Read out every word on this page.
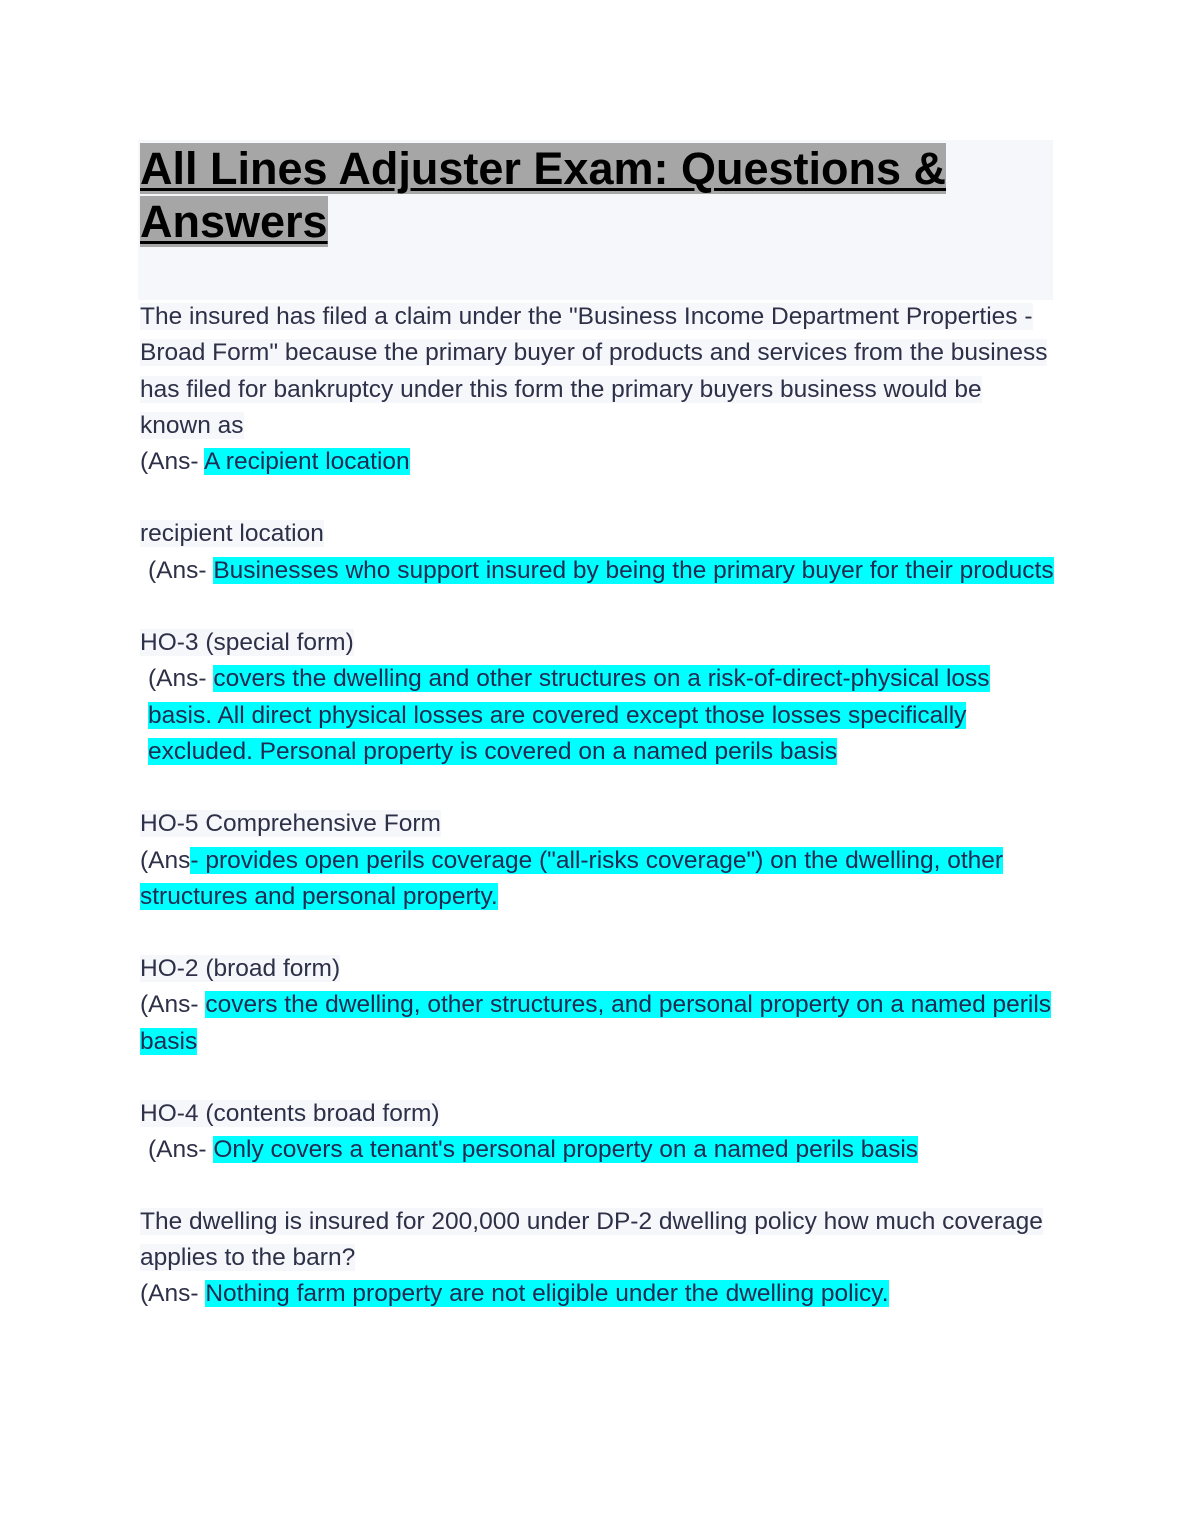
All Lines Adjuster Exam: Questions & Answers

The insured has filed a claim under the "Business Income Department Properties - Broad Form" because the primary buyer of products and services from the business has filed for bankruptcy under this form the primary buyers business would be known as

(Ans- A recipient location

recipient location

(Ans- Businesses who support insured by being the primary buyer for their products

HO-3 (special form)

(Ans- covers the dwelling and other structures on a risk-of-direct-physical loss basis. All direct physical losses are covered except those losses specifically excluded. Personal property is covered on a named perils basis

HO-5 Comprehensive Form

(Ans- provides open perils coverage ("all-risks coverage") on the dwelling, other structures and personal property.

HO-2 (broad form)

(Ans- covers the dwelling, other structures, and personal property on a named perils basis

HO-4 (contents broad form)

(Ans- Only covers a tenant's personal property on a named perils basis

The dwelling is insured for 200,000 under DP-2 dwelling policy how much coverage applies to the barn?

(Ans- Nothing farm property are not eligible under the dwelling policy.
